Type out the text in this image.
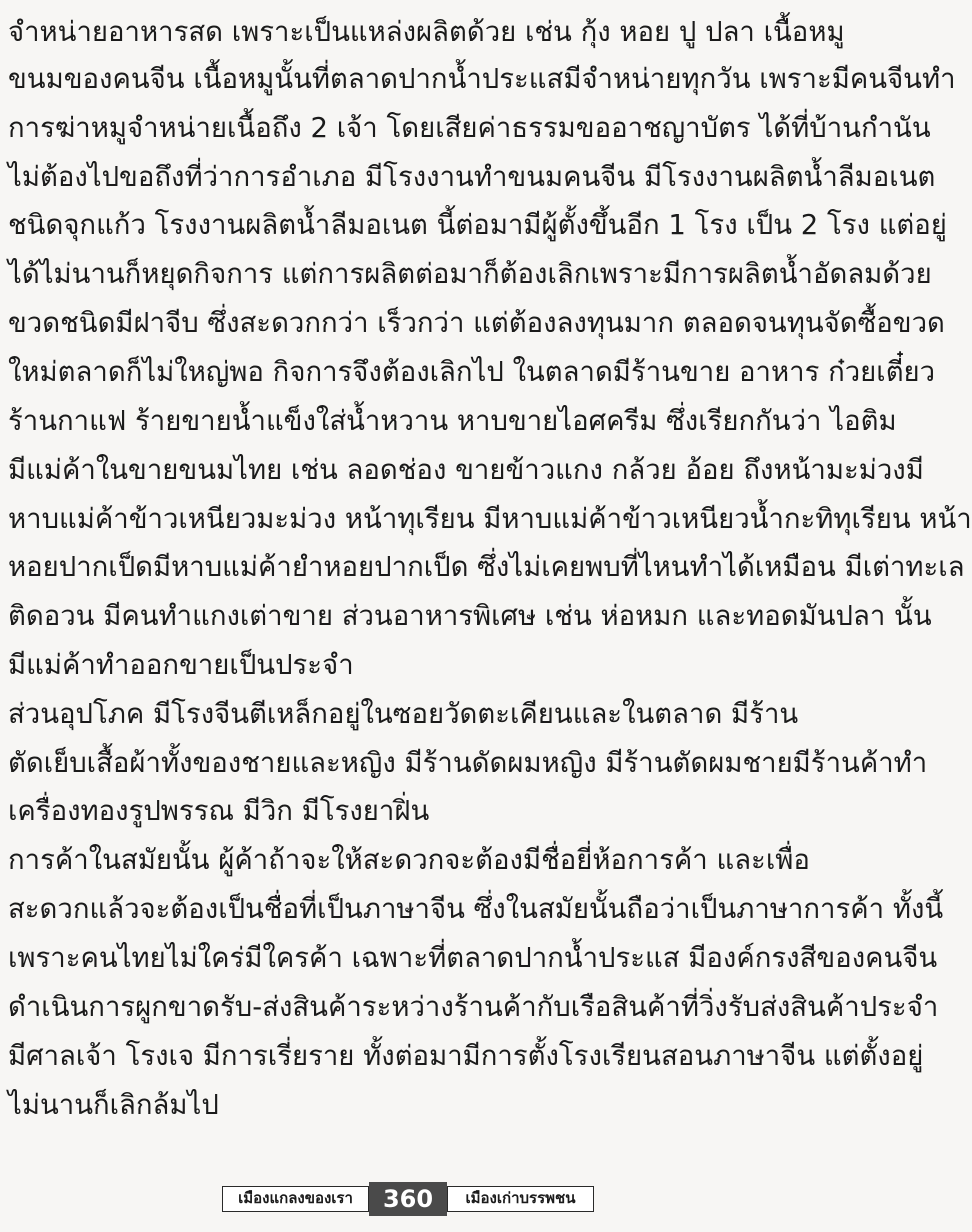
จำหน่ายอาหารสด เพราะเป็นแหล่งผลิตด้วย เช่น กุ้ง หอย ปู ปลา เนื้อหมู
ขนมของคนจีน เนื้อหมูนั้นที่ตลาดปากน้ำประแสมีจำหน่ายทุกวัน เพราะมีคนจีนทำ
การฆ่าหมูจำหน่ายเนื้อถึง 2 เจ้า โดยเสียค่าธรรมขออาชญาบัตร ได้ที่บ้านกำนัน
ไม่ต้องไปขอถึงที่ว่าการอำเภอ มีโรงงานทำขนมคนจีน มีโรงงานผลิตน้ำลีมอเนต
ชนิดจุกแก้ว โรงงานผลิตน้ำลีมอเนต นี้ต่อมามีผู้ตั้งขึ้นอีก 1 โรง เป็น 2 โรง แต่อยู่
ได้ไม่นานก็หยุดกิจการ แต่การผลิตต่อมาก็ต้องเลิกเพราะมีการผลิตน้ำอัดลมด้วย
ขวดชนิดมีฝาจีบ ซึ่งสะดวกกว่า เร็วกว่า แต่ต้องลงทุนมาก ตลอดจนทุนจัดซื้อขวด
ใหม่ตลาดก็ไม่ใหญ่พอ กิจการจึงต้องเลิกไป ในตลาดมีร้านขาย อาหาร ก๋วยเตี๋ยว
ร้านกาแฟ ร้ายขายน้ำแข็งใส่น้ำหวาน หาบขายไอศครีม ซึ่งเรียกกันว่า ไอติม
มีแม่ค้าในขายขนมไทย เช่น ลอดช่อง ขายข้าวแกง กล้วย อ้อย ถึงหน้ามะม่วงมี
หาบแม่ค้าข้าวเหนียวมะม่วง หน้าทุเรียน มีหาบแม่ค้าข้าวเหนียวน้ำกะทิทุเรียน หน้า
หอยปากเป็ดมีหาบแม่ค้ายำหอยปากเป็ด ซึ่งไม่เคยพบที่ไหนทำได้เหมือน มีเต่าทะเล
ติดอวน มีคนทำแกงเต่าขาย ส่วนอาหารพิเศษ เช่น ห่อหมก และทอดมันปลา นั้น
มีแม่ค้าทำออกขายเป็นประจำ
ส่วนอุปโภค มีโรงจีนตีเหล็กอยู่ในซอยวัดตะเคียนและในตลาด มีร้าน
ตัดเย็บเสื้อผ้าทั้งของชายและหญิง มีร้านดัดผมหญิง มีร้านตัดผมชายมีร้านค้าทำ
เครื่องทองรูปพรรณ มีวิก มีโรงยาฝิ่น
การค้าในสมัยนั้น ผู้ค้าถ้าจะให้สะดวกจะต้องมีชื่อยี่ห้อการค้า และเพื่อ
สะดวกแล้วจะต้องเป็นชื่อที่เป็นภาษาจีน ซึ่งในสมัยนั้นถือว่าเป็นภาษาการค้า ทั้งนี้
เพราะคนไทยไม่ใคร่มีใครค้า เฉพาะที่ตลาดปากน้ำประแส มีองค์กรงสีของคนจีน
ดำเนินการผูกขาดรับ-ส่งสินค้าระหว่างร้านค้ากับเรือสินค้าที่วิ่งรับส่งสินค้าประจำ
มีศาลเจ้า โรงเจ มีการเรี่ยราย ทั้งต่อมามีการตั้งโรงเรียนสอนภาษาจีน แต่ตั้งอยู่
ไม่นานก็เลิกล้มไป
เมืองแกลงของเรา	360	เมืองเก่าบรรพชน
